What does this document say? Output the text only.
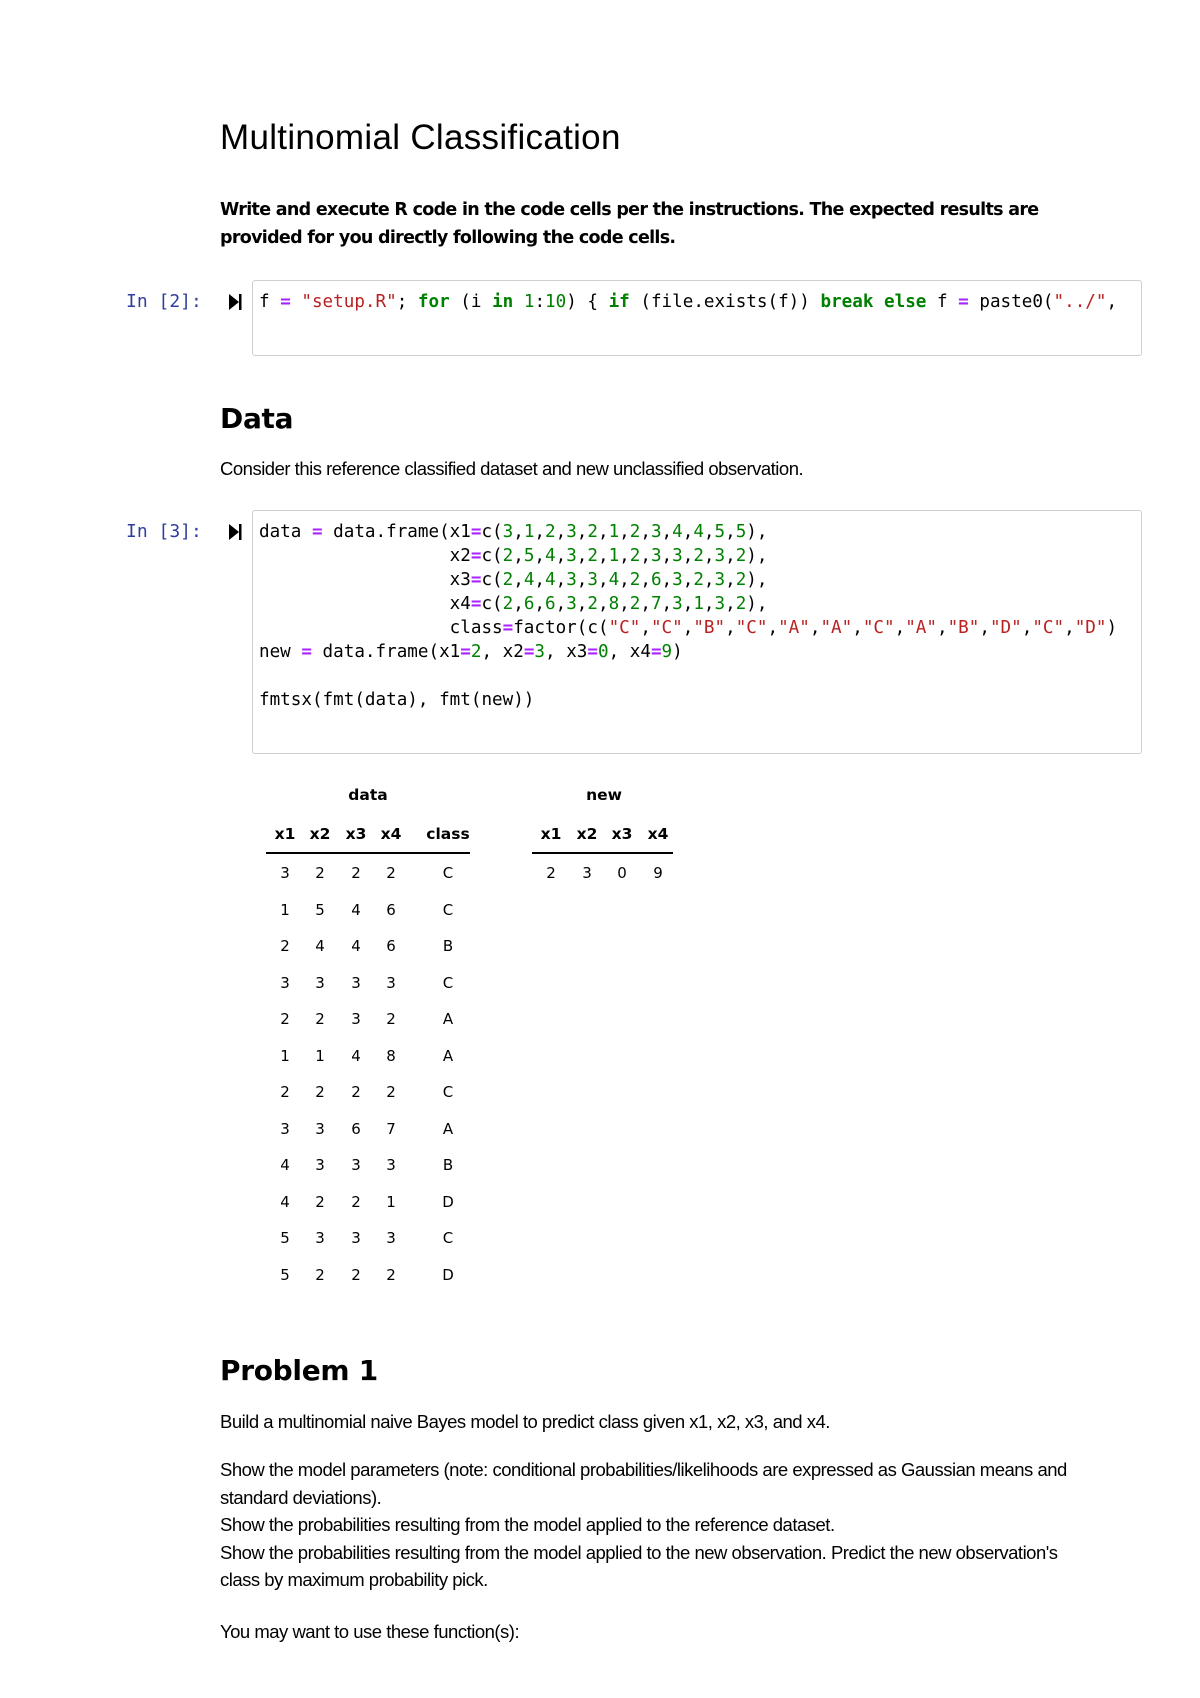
Multinomial Classification
Write and execute R code in the code cells per the instructions. The expected results are provided for you directly following the code cells.
In [2]:	f = "setup.R"; for (i in 1:10) { if (file.exists(f)) break else f = paste0("../",
Data
Consider this reference classified dataset and new unclassified observation.
In [3]:	data = data.frame(x1=c(3,1,2,3,2,1,2,3,4,4,5,5),
x2=c(2,5,4,3,2,1,2,3,3,2,3,2),
x3=c(2,4,4,3,3,4,2,6,3,2,3,2),
x4=c(2,6,6,3,2,8,2,7,3,1,3,2),
class=factor(c("C","C","B","C","A","A","C","A","B","D","C","D")
new = data.frame(x1=2, x2=3, x3=0, x4=9)
fmtsx(fmt(data), fmt(new))
data
x1 x2 x3 x4	class
3	2	2	2	C
1	5	4	6	C
2	4	4	6	B
3	3	3	3	C
2	2	3	2	A
1	1	4	8	A
2	2	2	2	C
3	3	6	7	A
4	3	3	3	B
4	2	2	1	D
5	3	3	3	C
5	2	2	2	D
new
x1 x2 x3 x4
2	3	0	9
Problem 1
Build a multinomial naive Bayes model to predict class given x1, x2, x3, and x4.
Show the model parameters (note: conditional probabilities/likelihoods are expressed as Gaussian means and standard deviations).
Show the probabilities resulting from the model applied to the reference dataset.
Show the probabilities resulting from the model applied to the new observation. Predict the new observation's class by maximum probability pick.
You may want to use these function(s):
